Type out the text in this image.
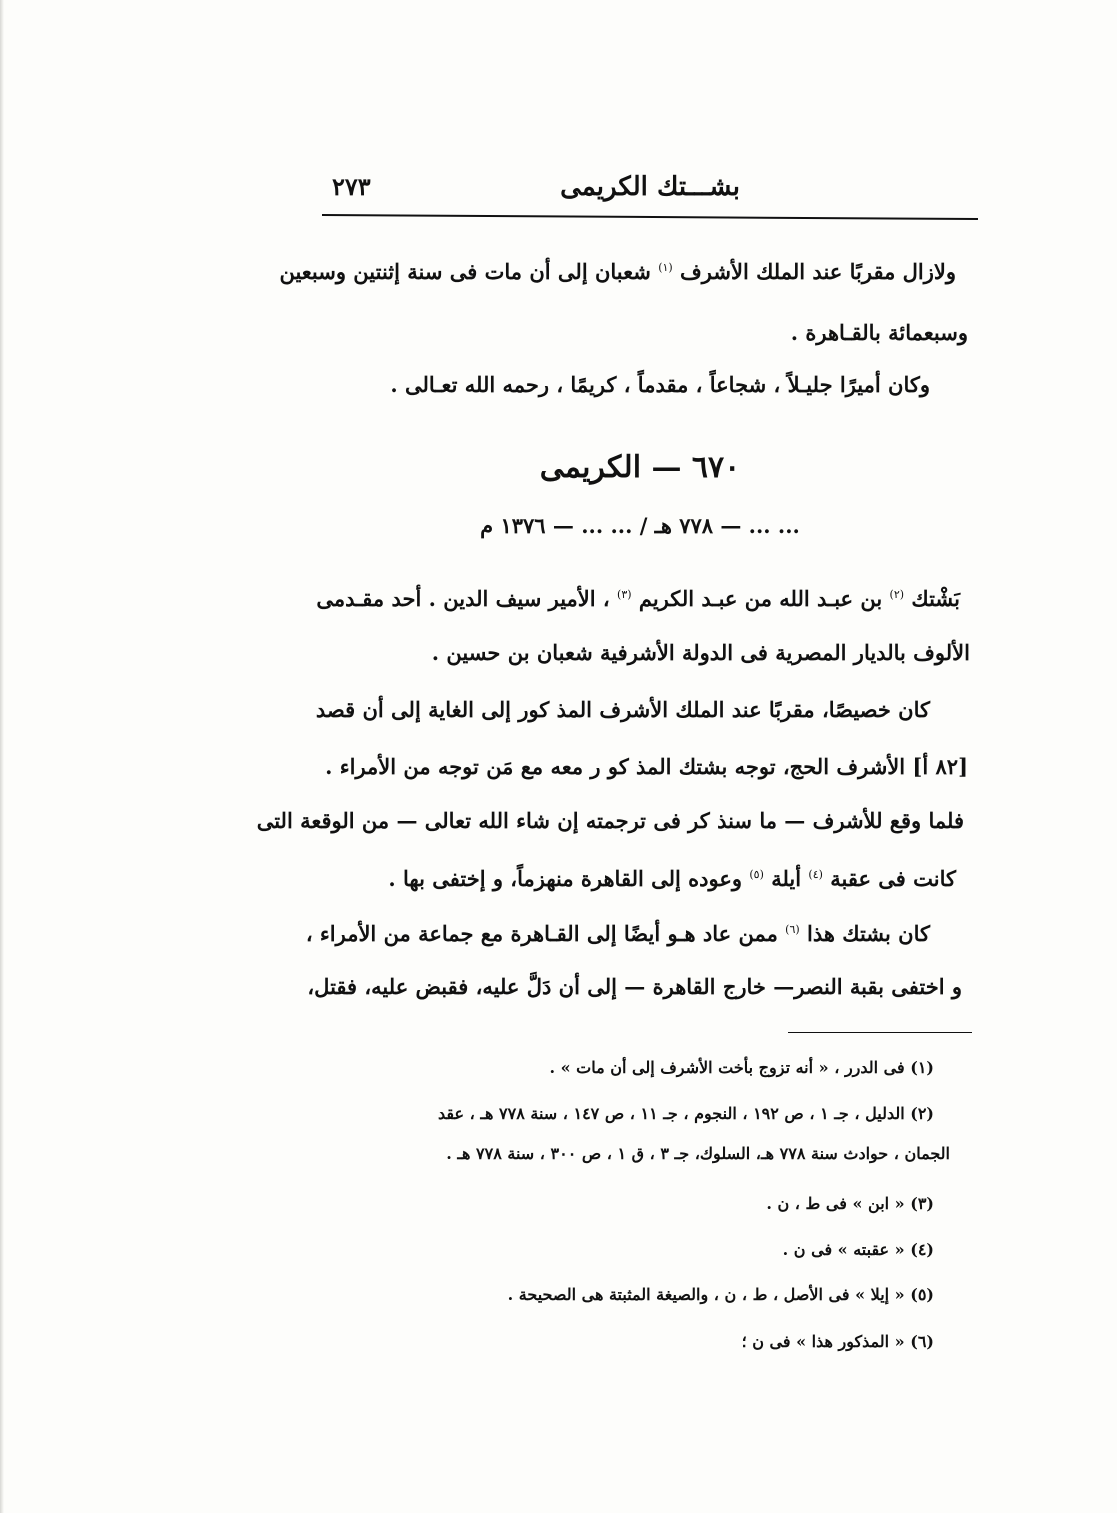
بشـــتك الكريمى
٢٧٣
ولازال مقربًا عند الملك الأشرف $^{(١)}$ شعبان إلى أن مات فى سنة إثنتين وسبعين
وسبعمائة بالقـاهرة .
وكان أميرًا جليـلاً ، شجاعاً ، مقدماً ، كريمًا ، رحمه الله تعـالى .
٦٧٠ — الكريمى
... ... — ٧٧٨ هـ / ... ... — ١٣٧٦ م
بَشْتك $^{(٢)}$ بن عبـد الله من عبـد الكريم $^{(٣)}$ ، الأمير سيف الدين . أحد مقـدمى
الألوف بالديار المصرية فى الدولة الأشرفية شعبان بن حسين .
كان خصيصًا، مقربًا عند الملك الأشرف المذ كور إلى الغاية إلى أن قصد
[٨٢ أ] الأشرف الحج، توجه بشتك المذ كو ر معه مع مَن توجه من الأمراء .
فلما وقع للأشرف — ما سنذ كر فى ترجمته إن شاء الله تعالى — من الوقعة التى
كانت فى عقبة $^{(٤)}$ أيلة $^{(٥)}$ وعوده إلى القاهرة منهزماً، و إختفى بها .
كان بشتك هذا $^{(٦)}$ ممن عاد هـو أيضًا إلى القـاهرة مع جماعة من الأمراء ،
و اختفى بقبة النصر— خارج القاهرة — إلى أن دَلَّ عليه، فقبض عليه، فقتل،
(١) فى الدرر ، « أنه تزوج بأخت الأشرف إلى أن مات » .
(٢) الدليل ، جـ ١ ، ص ١٩٢ ، النجوم ، جـ ١١ ، ص ١٤٧ ، سنة ٧٧٨ هـ ، عقد
الجمان ، حوادث سنة ٧٧٨ هـ، السلوك، جـ ٣ ، ق ١ ، ص ٣٠٠ ، سنة ٧٧٨ هـ .
(٣) « ابن » فى ط ، ن .
(٤) « عقبته » فى ن .
(٥) « إيلا » فى الأصل ، ط ، ن ، والصيغة المثبتة هى الصحيحة .
(٦) « المذكور هذا » فى ن ؛
